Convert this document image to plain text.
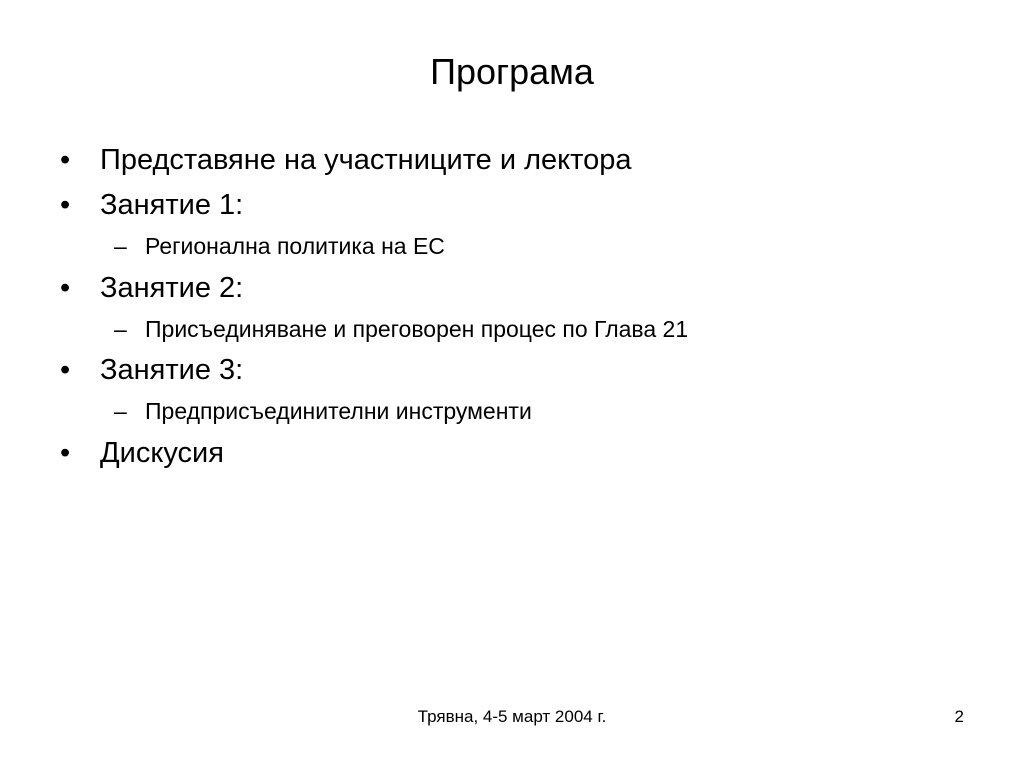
Програма
• Представяне на участниците и лектора
• Занятие 1:
– Регионална политика на ЕС
• Занятие 2:
– Присъединяване и преговорен процес по Глава 21
• Занятие 3:
– Предприсъединителни инструменти
• Дискусия
Трявна, 4-5 март 2004 г.	2
